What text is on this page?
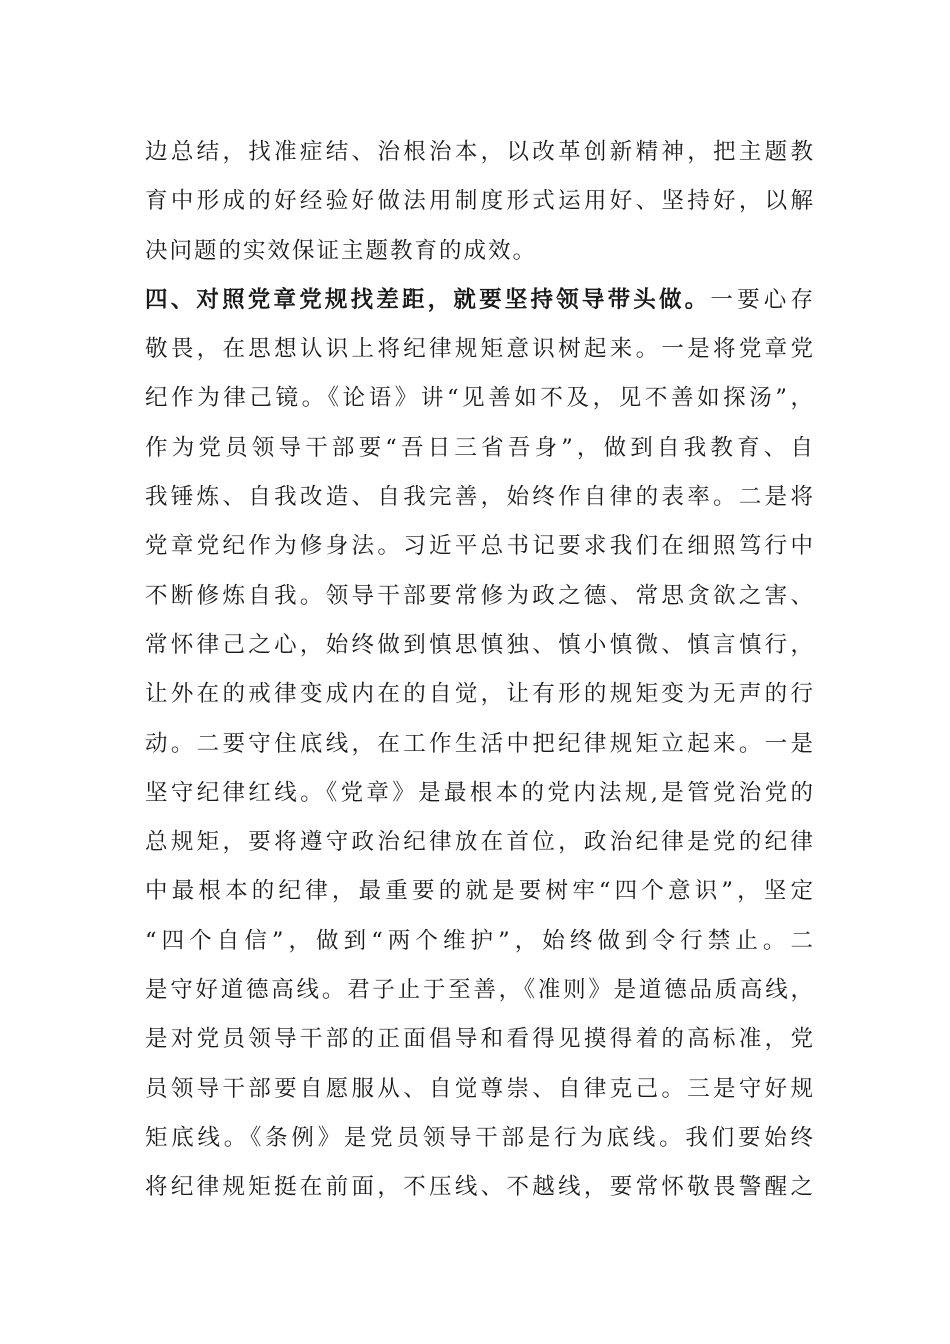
边总结，找准症结、治根治本，以改革创新精神，把主题教
育中形成的好经验好做法用制度形式运用好、坚持好，以解
决问题的实效保证主题教育的成效。
四、对照党章党规找差距，就要坚持领导带头做。一要心存
敬畏，在思想认识上将纪律规矩意识树起来。一是将党章党
纪作为律己镜。《论语》讲“见善如不及，见不善如探汤”，
作为党员领导干部要“吾日三省吾身”，做到自我教育、自
我锤炼、自我改造、自我完善，始终作自律的表率。二是将
党章党纪作为修身法。习近平总书记要求我们在细照笃行中
不断修炼自我。领导干部要常修为政之德、常思贪欲之害、
常怀律己之心，始终做到慎思慎独、慎小慎微、慎言慎行，
让外在的戒律变成内在的自觉，让有形的规矩变为无声的行
动。二要守住底线，在工作生活中把纪律规矩立起来。一是
坚守纪律红线。《党章》是最根本的党内法规,是管党治党的
总规矩，要将遵守政治纪律放在首位，政治纪律是党的纪律
中最根本的纪律，最重要的就是要树牢“四个意识”，坚定
“四个自信”，做到“两个维护”，始终做到令行禁止。二
是守好道德高线。君子止于至善，《准则》是道德品质高线，
是对党员领导干部的正面倡导和看得见摸得着的高标准，党
员领导干部要自愿服从、自觉尊崇、自律克己。三是守好规
矩底线。《条例》是党员领导干部是行为底线。我们要始终
将纪律规矩挺在前面，不压线、不越线，要常怀敬畏警醒之
